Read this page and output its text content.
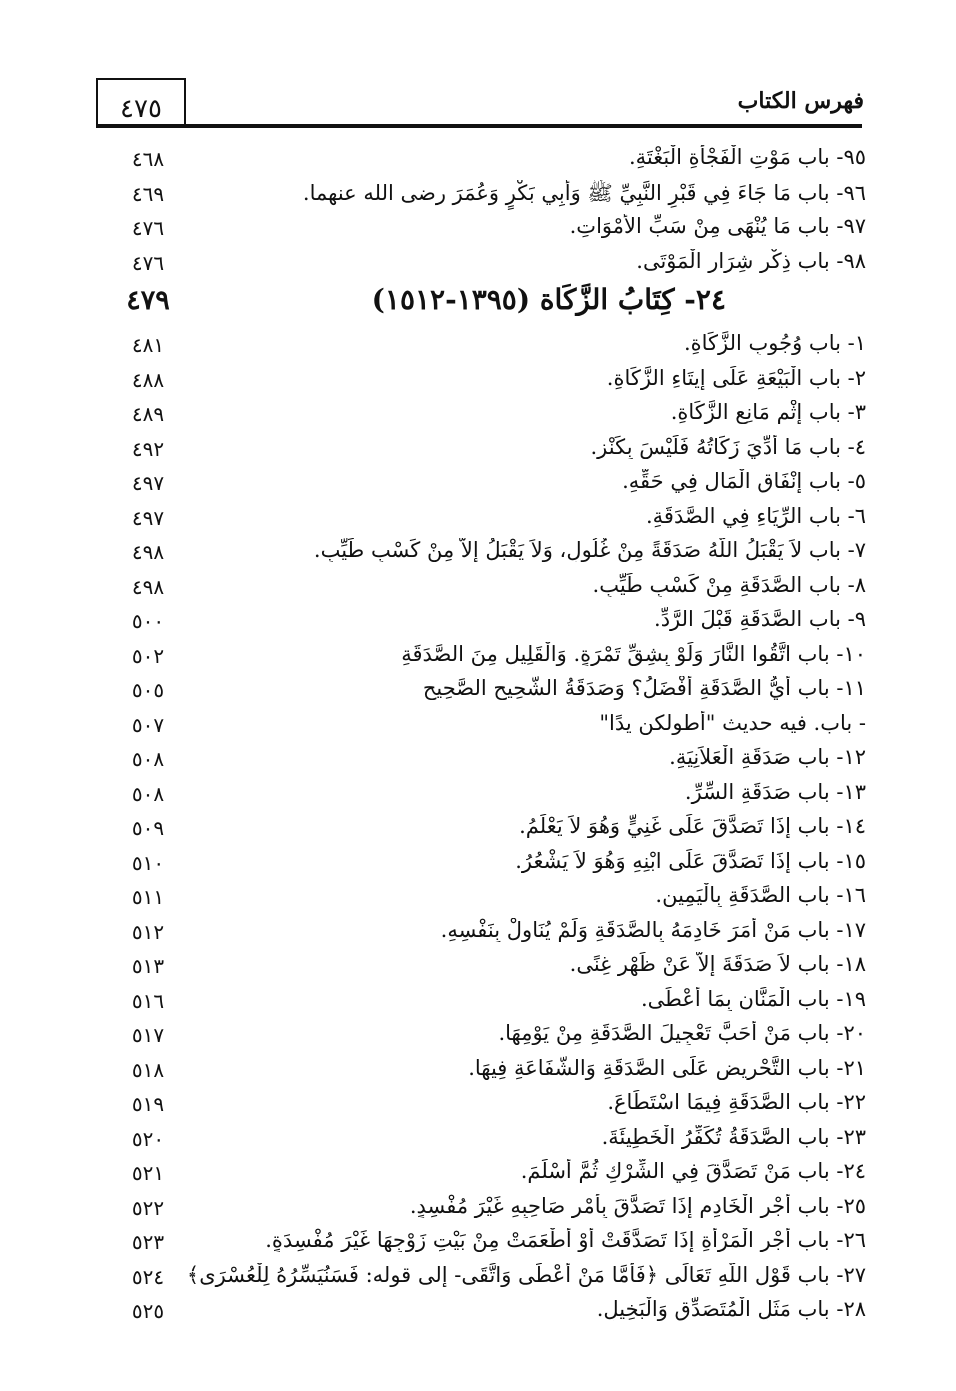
٤٧٥	فهرس الكتاب
٩٥- باب مَوْتِ الْفَجْأَةِ الْبَغْتَةِ.
٤٦٨
٩٦- باب مَا جَاءَ فِي قَبْرِ النَّبِيِّ ﷺ وَأَبِي بَكْرٍ وَعُمَرَ رضى الله عنهما.
٤٦٩
٩٧- باب مَا يُنْهَى مِنْ سَبِّ الأَمْوَاتِ.
٤٧٦
٩٨- باب ذِكْرِ شِرَارِ الْمَوْتَى.
٤٧٦
٢٤- كِتَابُ الزَّكَاة (١٣٩٥-١٥١٢)
٤٧٩
١- باب وُجُوبِ الزَّكَاةِ.
٤٨١
٢- باب الْبَيْعَةِ عَلَى إِيتَاءِ الزَّكَاةِ.
٤٨٨
٣- باب إِثْمِ مَانِعِ الزَّكَاةِ.
٤٨٩
٤- باب مَا أُدِّيَ زَكَاتُهُ فَلَيْسَ بِكَنْزٍ.
٤٩٢
٥- باب إِنْفَاقِ الْمَالِ فِي حَقِّهِ.
٤٩٧
٦- باب الرِّيَاءِ فِي الصَّدَقَةِ.
٤٩٧
٧- باب لاَ يَقْبَلُ اللَّهُ صَدَقَةً مِنْ غُلُولٍ، وَلاَ يَقْبَلُ إِلاَّ مِنْ كَسْبٍ طَيِّبٍ.
٤٩٨
٨- باب الصَّدَقَةِ مِنْ كَسْبٍ طَيِّبٍ.
٤٩٨
٩- باب الصَّدَقَةِ قَبْلَ الرَّدِّ.
٥٠٠
١٠- باب اتَّقُوا النَّارَ وَلَوْ بِشِقِّ تَمْرَةٍ. وَالْقَلِيلِ مِنَ الصَّدَقَةِ
٥٠٢
١١- باب أَيُّ الصَّدَقَةِ أَفْضَلُ؟ وَصَدَقَةُ الشَّحِيحِ الصَّحِيحِ
٥٠٥
- باب. فيه حديث "أطولكن يدًا"
٥٠٧
١٢- باب صَدَقَةِ الْعَلاَنِيَةِ.
٥٠٨
١٣- باب صَدَقَةِ السِّرِّ.
٥٠٨
١٤- باب إِذَا تَصَدَّقَ عَلَى غَنِيٍّ وَهُوَ لاَ يَعْلَمُ.
٥٠٩
١٥- باب إِذَا تَصَدَّقَ عَلَى ابْنِهِ وَهُوَ لاَ يَشْعُرُ.
٥١٠
١٦- باب الصَّدَقَةِ بِالْيَمِينِ.
٥١١
١٧- باب مَنْ أَمَرَ خَادِمَهُ بِالصَّدَقَةِ وَلَمْ يُنَاوِلْ بِنَفْسِهِ.
٥١٢
١٨- باب لاَ صَدَقَةَ إِلاَّ عَنْ ظَهْرِ غِنًى.
٥١٣
١٩- باب الْمَنَّانِ بِمَا أَعْطَى.
٥١٦
٢٠- باب مَنْ أَحَبَّ تَعْجِيلَ الصَّدَقَةِ مِنْ يَوْمِهَا.
٥١٧
٢١- باب التَّحْرِيضِ عَلَى الصَّدَقَةِ وَالشَّفَاعَةِ فِيهَا.
٥١٨
٢٢- باب الصَّدَقَةِ فِيمَا اسْتَطَاعَ.
٥١٩
٢٣- باب الصَّدَقَةُ تُكَفِّرُ الْخَطِيئَةَ.
٥٢٠
٢٤- باب مَنْ تَصَدَّقَ فِي الشِّرْكِ ثُمَّ أَسْلَمَ.
٥٢١
٢٥- باب أَجْرِ الْخَادِمِ إِذَا تَصَدَّقَ بِأَمْرِ صَاحِبِهِ غَيْرَ مُفْسِدٍ.
٥٢٢
٢٦- باب أَجْرِ الْمَرْأَةِ إِذَا تَصَدَّقَتْ أَوْ أَطْعَمَتْ مِنْ بَيْتِ زَوْجِهَا غَيْرَ مُفْسِدَةٍ.
٥٢٣
٢٧- باب قَوْلِ اللَّهِ تَعَالَى ﴿فَأَمَّا مَنْ أَعْطَى وَاتَّقَى- إلى قوله: فَسَنُيَسِّرُهُ لِلْعُسْرَى﴾
٥٢٤
٢٨- باب مَثَلِ الْمُتَصَدِّقِ وَالْبَخِيلِ.
٥٢٥
